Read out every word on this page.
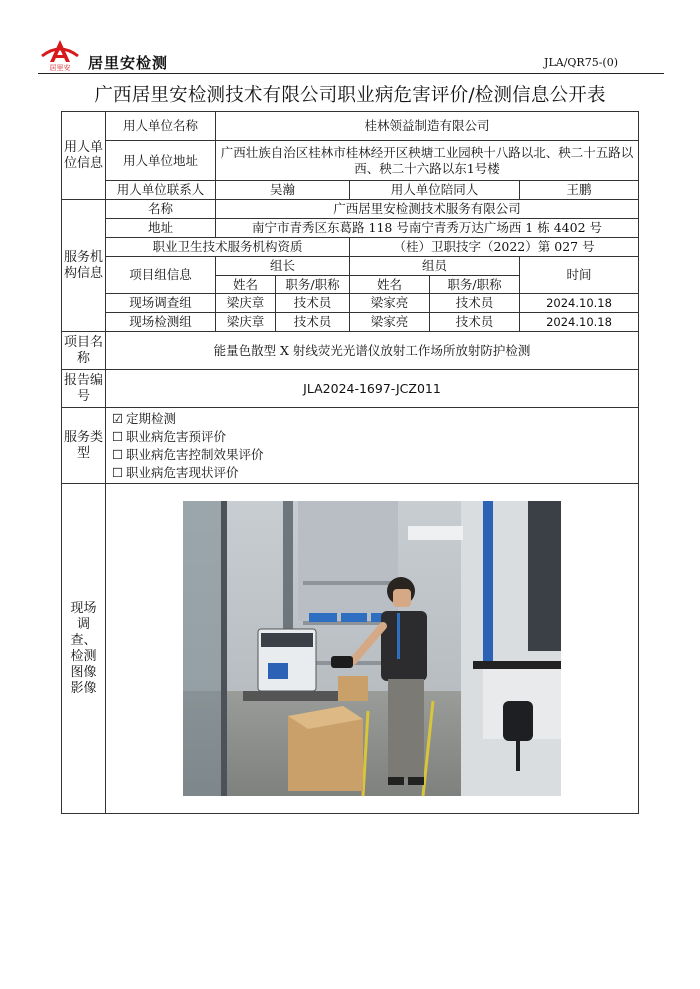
居里安 居里安检测	JLA/QR75-(0)
广西居里安检测技术有限公司职业病危害评价/检测信息公开表
用人单位信息	用人单位名称	桂林领益制造有限公司				
	用人单位地址	广西壮族自治区桂林市桂林经开区秧塘工业园秧十八路以北、秧二十五路以西、秧二十六路以东1号楼				
	用人单位联系人	吴瀚		用人单位陪同人		王鹏
服务机构信息	名称	广西居里安检测技术服务有限公司				
	地址	南宁市青秀区东葛路 118 号南宁青秀万达广场西 1 栋 4402 号				
	职业卫生技术服务机构资质			（桂）卫职技字（2022）第 027 号		
	项目组信息	组长		组员		时间
		姓名	职务/职称	姓名	职务/职称	
	现场调查组	梁庆章	技术员	梁家亮	技术员	2024.10.18
	现场检测组	梁庆章	技术员	梁家亮	技术员	2024.10.18
项目名称	能量色散型 X 射线荧光光谱仪放射工作场所放射防护检测					
报告编号	JLA2024-1697-JCZ011					
服务类型	☑ 定期检测
☐ 职业病危害预评价
☐ 职业病危害控制效果评价
☐ 职业病危害现状评价					

现场调查、检测图像影像	
